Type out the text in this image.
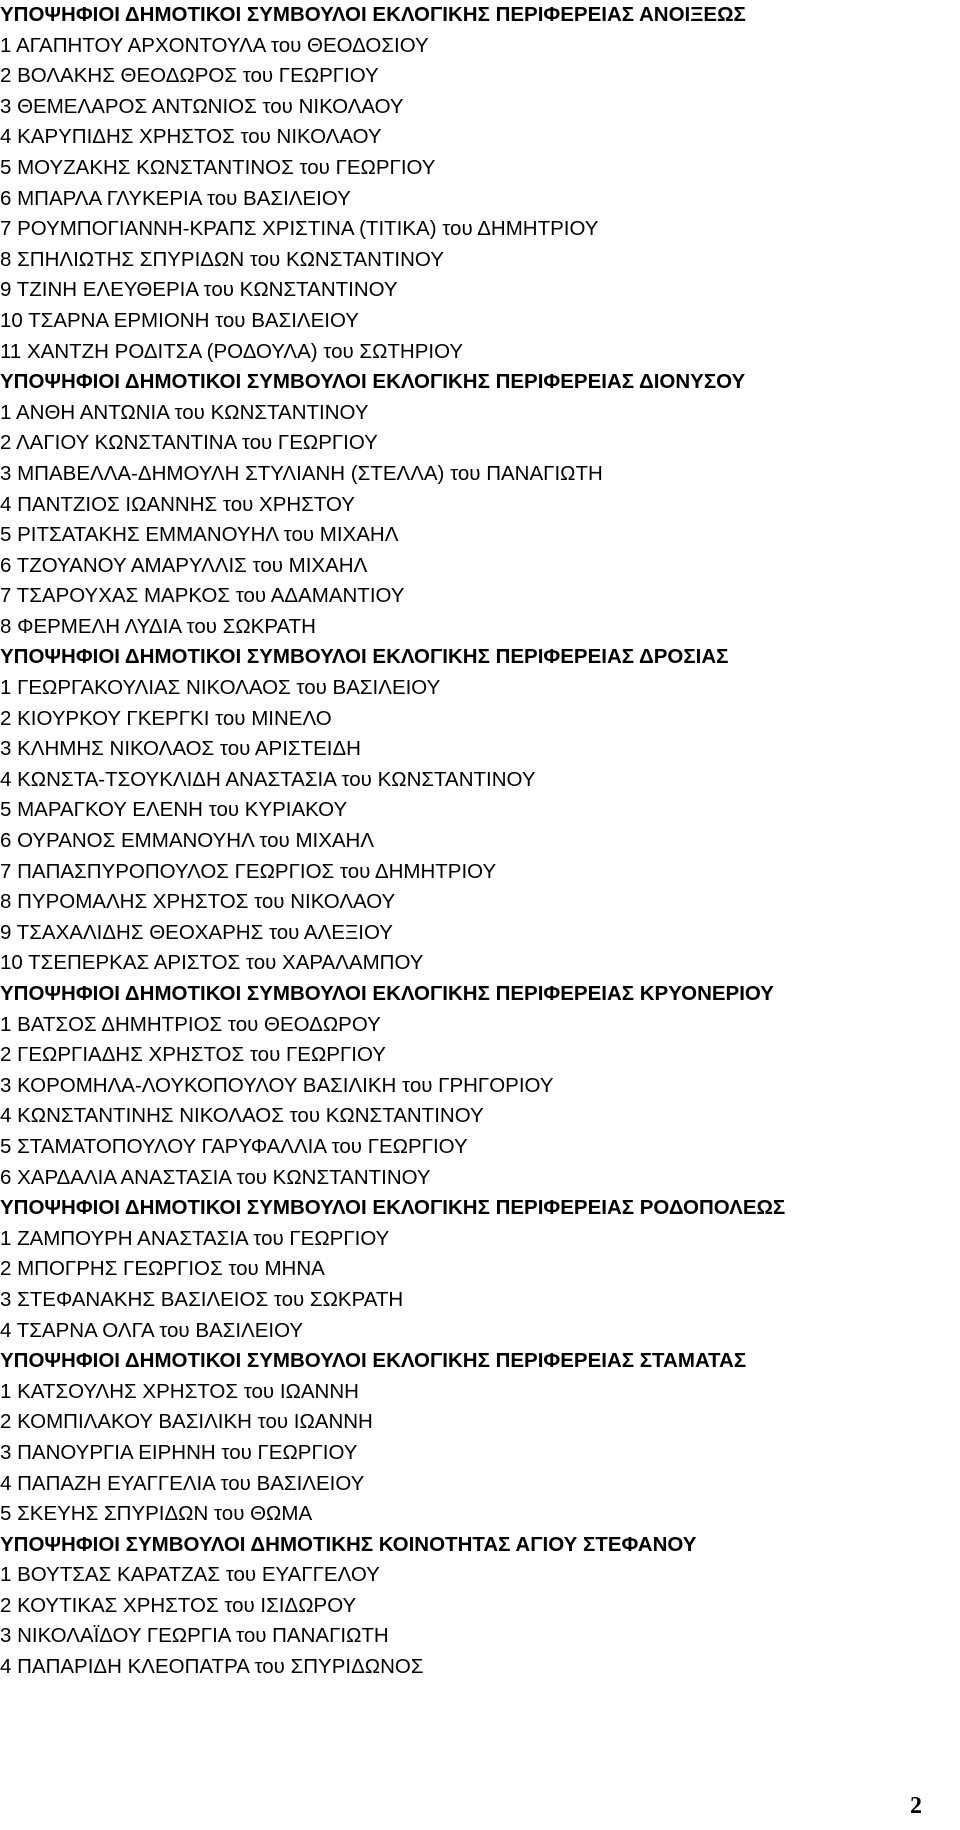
ΥΠΟΨΗΦΙΟΙ ΔΗΜΟΤΙΚΟΙ ΣΥΜΒΟΥΛΟΙ ΕΚΛΟΓΙΚΗΣ ΠΕΡΙΦΕΡΕΙΑΣ ΑΝΟΙΞΕΩΣ
1 ΑΓΑΠΗΤΟΥ ΑΡΧΟΝΤΟΥΛΑ του ΘΕΟΔΟΣΙΟΥ
2 ΒΟΛΑΚΗΣ ΘΕΟΔΩΡΟΣ του ΓΕΩΡΓΙΟΥ
3 ΘΕΜΕΛΑΡΟΣ ΑΝΤΩΝΙΟΣ του ΝΙΚΟΛΑΟΥ
4 ΚΑΡΥΠΙΔΗΣ ΧΡΗΣΤΟΣ του ΝΙΚΟΛΑΟΥ
5 ΜΟΥΖΑΚΗΣ ΚΩΝΣΤΑΝΤΙΝΟΣ του ΓΕΩΡΓΙΟΥ
6 ΜΠΑΡΛΑ ΓΛΥΚΕΡΙΑ του ΒΑΣΙΛΕΙΟΥ
7 ΡΟΥΜΠΟΓΙΑΝΝΗ-ΚΡΑΠΣ ΧΡΙΣΤΙΝΑ (ΤΙΤΙΚΑ) του ΔΗΜΗΤΡΙΟΥ
8 ΣΠΗΛΙΩΤΗΣ ΣΠΥΡΙΔΩΝ του ΚΩΝΣΤΑΝΤΙΝΟΥ
9 ΤΖΙΝΗ ΕΛΕΥΘΕΡΙΑ του ΚΩΝΣΤΑΝΤΙΝΟΥ
10 ΤΣΑΡΝΑ ΕΡΜΙΟΝΗ του ΒΑΣΙΛΕΙΟΥ
11 ΧΑΝΤΖΗ ΡΟΔΙΤΣΑ (ΡΟΔΟΥΛΑ) του ΣΩΤΗΡΙΟΥ
ΥΠΟΨΗΦΙΟΙ ΔΗΜΟΤΙΚΟΙ ΣΥΜΒΟΥΛΟΙ ΕΚΛΟΓΙΚΗΣ ΠΕΡΙΦΕΡΕΙΑΣ ΔΙΟΝΥΣΟΥ
1 ΑΝΘΗ ΑΝΤΩΝΙΑ του ΚΩΝΣΤΑΝΤΙΝΟΥ
2 ΛΑΓΙΟΥ ΚΩΝΣΤΑΝΤΙΝΑ του ΓΕΩΡΓΙΟΥ
3 ΜΠΑΒΕΛΛΑ-ΔΗΜΟΥΛΗ ΣΤΥΛΙΑΝΗ (ΣΤΕΛΛΑ) του ΠΑΝΑΓΙΩΤΗ
4 ΠΑΝΤΖΙΟΣ ΙΩΑΝΝΗΣ του ΧΡΗΣΤΟΥ
5 ΡΙΤΣΑΤΑΚΗΣ ΕΜΜΑΝΟΥΗΛ του ΜΙΧΑΗΛ
6 ΤΖΟΥΑΝΟΥ ΑΜΑΡΥΛΛΙΣ του ΜΙΧΑΗΛ
7 ΤΣΑΡΟΥΧΑΣ ΜΑΡΚΟΣ του ΑΔΑΜΑΝΤΙΟΥ
8 ΦΕΡΜΕΛΗ ΛΥΔΙΑ του ΣΩΚΡΑΤΗ
ΥΠΟΨΗΦΙΟΙ ΔΗΜΟΤΙΚΟΙ ΣΥΜΒΟΥΛΟΙ ΕΚΛΟΓΙΚΗΣ ΠΕΡΙΦΕΡΕΙΑΣ ΔΡΟΣΙΑΣ
1 ΓΕΩΡΓΑΚΟΥΛΙΑΣ ΝΙΚΟΛΑΟΣ του ΒΑΣΙΛΕΙΟΥ
2 ΚΙΟΥΡΚΟΥ ΓΚΕΡΓΚΙ του ΜΙΝΕΛΟ
3 ΚΛΗΜΗΣ ΝΙΚΟΛΑΟΣ του ΑΡΙΣΤΕΙΔΗ
4 ΚΩΝΣΤΑ-ΤΣΟΥΚΛΙΔΗ ΑΝΑΣΤΑΣΙΑ του ΚΩΝΣΤΑΝΤΙΝΟΥ
5 ΜΑΡΑΓΚΟΥ ΕΛΕΝΗ του ΚΥΡΙΑΚΟΥ
6 ΟΥΡΑΝΟΣ ΕΜΜΑΝΟΥΗΛ του ΜΙΧΑΗΛ
7 ΠΑΠΑΣΠΥΡΟΠΟΥΛΟΣ ΓΕΩΡΓΙΟΣ του ΔΗΜΗΤΡΙΟΥ
8 ΠΥΡΟΜΑΛΗΣ ΧΡΗΣΤΟΣ του ΝΙΚΟΛΑΟΥ
9 ΤΣΑΧΑΛΙΔΗΣ ΘΕΟΧΑΡΗΣ του ΑΛΕΞΙΟΥ
10 ΤΣΕΠΕΡΚΑΣ ΑΡΙΣΤΟΣ του ΧΑΡΑΛΑΜΠΟΥ
ΥΠΟΨΗΦΙΟΙ ΔΗΜΟΤΙΚΟΙ ΣΥΜΒΟΥΛΟΙ ΕΚΛΟΓΙΚΗΣ ΠΕΡΙΦΕΡΕΙΑΣ ΚΡΥΟΝΕΡΙΟΥ
1 ΒΑΤΣΟΣ ΔΗΜΗΤΡΙΟΣ του ΘΕΟΔΩΡΟΥ
2 ΓΕΩΡΓΙΑΔΗΣ ΧΡΗΣΤΟΣ του ΓΕΩΡΓΙΟΥ
3 ΚΟΡΟΜΗΛΑ-ΛΟΥΚΟΠΟΥΛΟΥ ΒΑΣΙΛΙΚΗ του ΓΡΗΓΟΡΙΟΥ
4 ΚΩΝΣΤΑΝΤΙΝΗΣ ΝΙΚΟΛΑΟΣ του ΚΩΝΣΤΑΝΤΙΝΟΥ
5 ΣΤΑΜΑΤΟΠΟΥΛΟΥ ΓΑΡΥΦΑΛΛΙΑ του ΓΕΩΡΓΙΟΥ
6 ΧΑΡΔΑΛΙΑ ΑΝΑΣΤΑΣΙΑ του ΚΩΝΣΤΑΝΤΙΝΟΥ
ΥΠΟΨΗΦΙΟΙ ΔΗΜΟΤΙΚΟΙ ΣΥΜΒΟΥΛΟΙ ΕΚΛΟΓΙΚΗΣ ΠΕΡΙΦΕΡΕΙΑΣ ΡΟΔΟΠΟΛΕΩΣ
1 ΖΑΜΠΟΥΡΗ ΑΝΑΣΤΑΣΙΑ του ΓΕΩΡΓΙΟΥ
2 ΜΠΟΓΡΗΣ ΓΕΩΡΓΙΟΣ του ΜΗΝΑ
3 ΣΤΕΦΑΝΑΚΗΣ ΒΑΣΙΛΕΙΟΣ του ΣΩΚΡΑΤΗ
4 ΤΣΑΡΝΑ ΟΛΓΑ του ΒΑΣΙΛΕΙΟΥ
ΥΠΟΨΗΦΙΟΙ ΔΗΜΟΤΙΚΟΙ ΣΥΜΒΟΥΛΟΙ ΕΚΛΟΓΙΚΗΣ ΠΕΡΙΦΕΡΕΙΑΣ ΣΤΑΜΑΤΑΣ
1 ΚΑΤΣΟΥΛΗΣ ΧΡΗΣΤΟΣ του ΙΩΑΝΝΗ
2 ΚΟΜΠΙΛΑΚΟΥ ΒΑΣΙΛΙΚΗ του ΙΩΑΝΝΗ
3 ΠΑΝΟΥΡΓΙΑ ΕΙΡΗΝΗ του ΓΕΩΡΓΙΟΥ
4 ΠΑΠΑΖΗ ΕΥΑΓΓΕΛΙΑ του ΒΑΣΙΛΕΙΟΥ
5 ΣΚΕΥΗΣ ΣΠΥΡΙΔΩΝ του ΘΩΜΑ
ΥΠΟΨΗΦΙΟΙ ΣΥΜΒΟΥΛΟΙ ΔΗΜΟΤΙΚΗΣ ΚΟΙΝΟΤΗΤΑΣ ΑΓΙΟΥ ΣΤΕΦΑΝΟΥ
1 ΒΟΥΤΣΑΣ ΚΑΡΑΤΖΑΣ του ΕΥΑΓΓΕΛΟΥ
2 ΚΟΥΤΙΚΑΣ ΧΡΗΣΤΟΣ του ΙΣΙΔΩΡΟΥ
3 ΝΙΚΟΛΑΪΔΟΥ ΓΕΩΡΓΙΑ του ΠΑΝΑΓΙΩΤΗ
4 ΠΑΠΑΡΙΔΗ ΚΛΕΟΠΑΤΡΑ του ΣΠΥΡΙΔΩΝΟΣ
2
